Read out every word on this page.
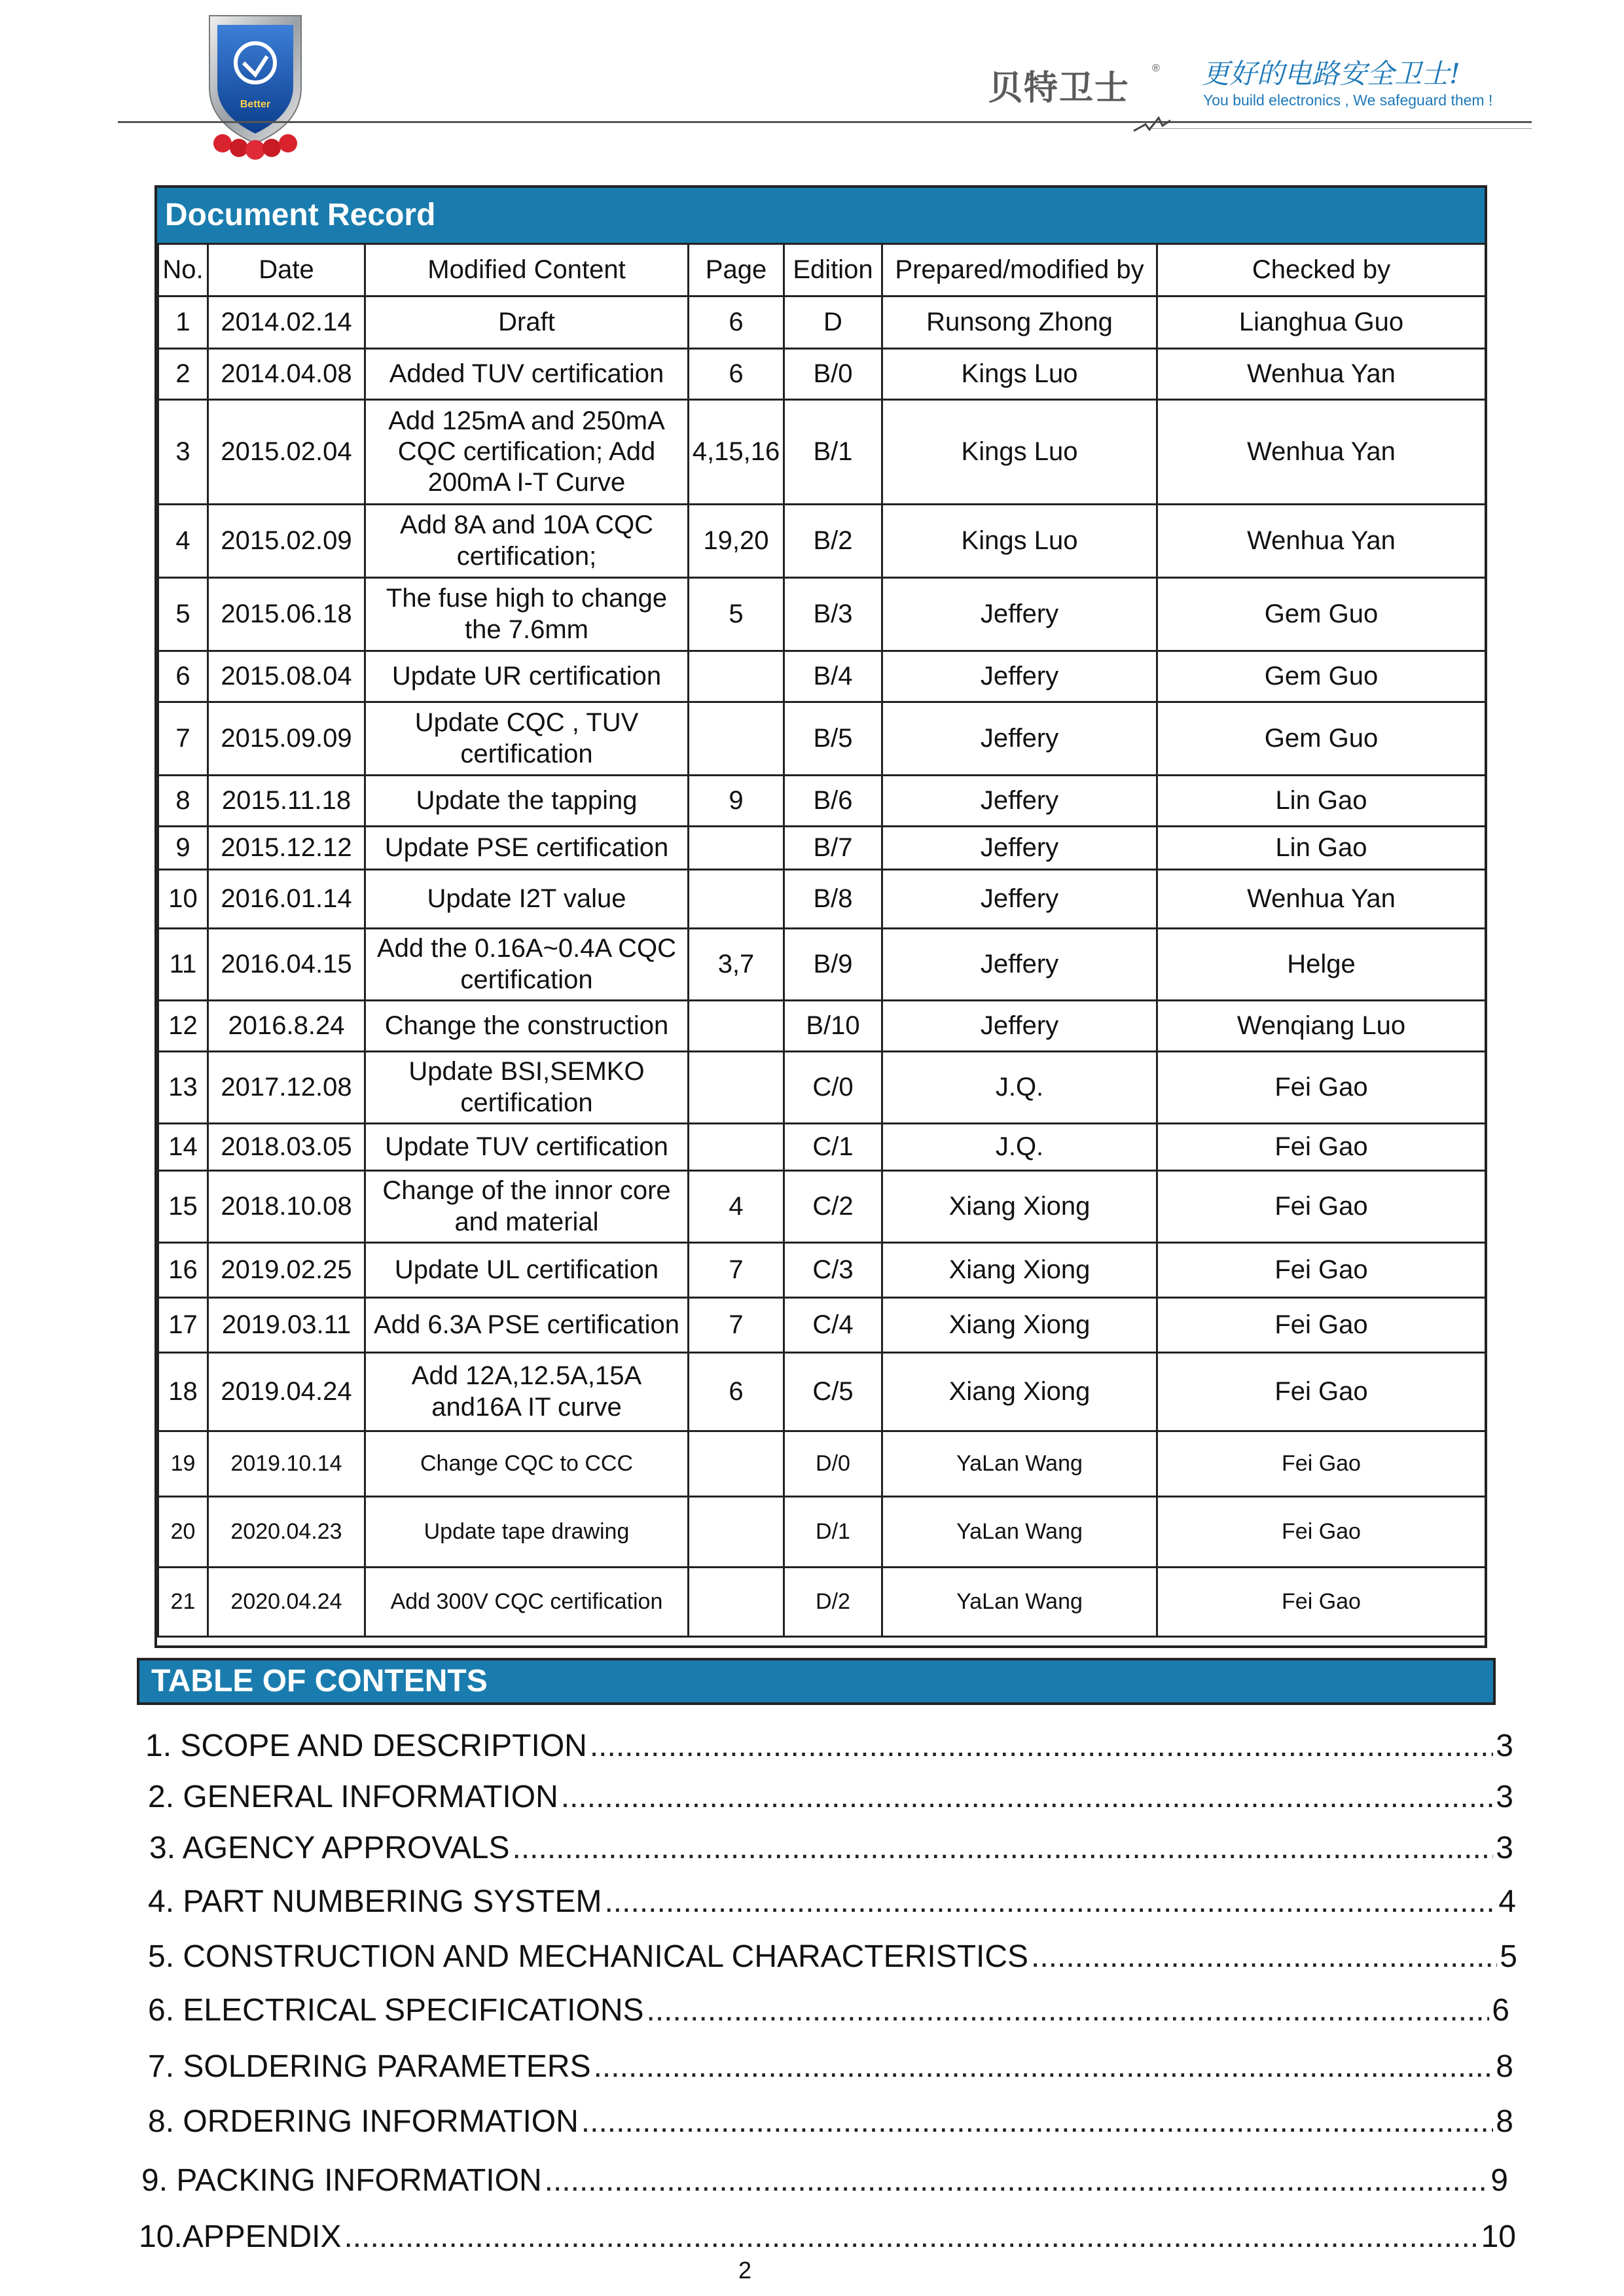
Better	贝特卫士
® 更好的电路安全卫士!
You build electronics , We safeguard them !
Document Record
No.	Date	Modified Content	Page	Edition	Prepared/modified by	Checked by
1	2014.02.14	Draft	6	D	Runsong Zhong	Lianghua Guo
2	2014.04.08	Added TUV certification	6	B/0	Kings Luo	Wenhua Yan
3	2015.02.04	Add 125mA and 250mA CQC certification; Add 200mA I-T Curve	4,15,16	B/1	Kings Luo	Wenhua Yan
4	2015.02.09	Add 8A and 10A CQC certification;	19,20	B/2	Kings Luo	Wenhua Yan
5	2015.06.18	The fuse high to change the 7.6mm	5	B/3	Jeffery	Gem Guo
6	2015.08.04	Update UR certification		B/4	Jeffery	Gem Guo
7	2015.09.09	Update CQC , TUV certification		B/5	Jeffery	Gem Guo
8	2015.11.18	Update the tapping	9	B/6	Jeffery	Lin Gao
9	2015.12.12	Update PSE certification		B/7	Jeffery	Lin Gao
10	2016.01.14	Update I2T value		B/8	Jeffery	Wenhua Yan
11	2016.04.15	Add the 0.16A~0.4A CQC certification	3,7	B/9	Jeffery	Helge
12	2016.8.24	Change the construction		B/10	Jeffery	Wenqiang Luo
13	2017.12.08	Update BSI,SEMKO certification		C/0	J.Q.	Fei Gao
14	2018.03.05	Update TUV certification		C/1	J.Q.	Fei Gao
15	2018.10.08	Change of the innor core and material	4	C/2	Xiang Xiong	Fei Gao
16	2019.02.25	Update UL certification	7	C/3	Xiang Xiong	Fei Gao
17	2019.03.11	Add 6.3A PSE certification	7	C/4	Xiang Xiong	Fei Gao
18	2019.04.24	Add 12A,12.5A,15A and16A IT curve	6	C/5	Xiang Xiong	Fei Gao
19	2019.10.14	Change CQC to CCC		D/0	YaLan Wang	Fei Gao
20	2020.04.23	Update tape drawing		D/1	YaLan Wang	Fei Gao
21	2020.04.24	Add 300V CQC certification		D/2	YaLan Wang	Fei Gao
TABLE OF CONTENTS
1. SCOPE AND DESCRIPTION .....	3
2. GENERAL INFORMATION .....	3
3. AGENCY APPROVALS .....	3
4. PART NUMBERING SYSTEM .....	4
5. CONSTRUCTION AND MECHANICAL CHARACTERISTICS .....	5
6. ELECTRICAL SPECIFICATIONS .....	6
7. SOLDERING PARAMETERS .....	8
8. ORDERING INFORMATION .....	8
9. PACKING INFORMATION .....	9
10.APPENDIX .....	10
2
